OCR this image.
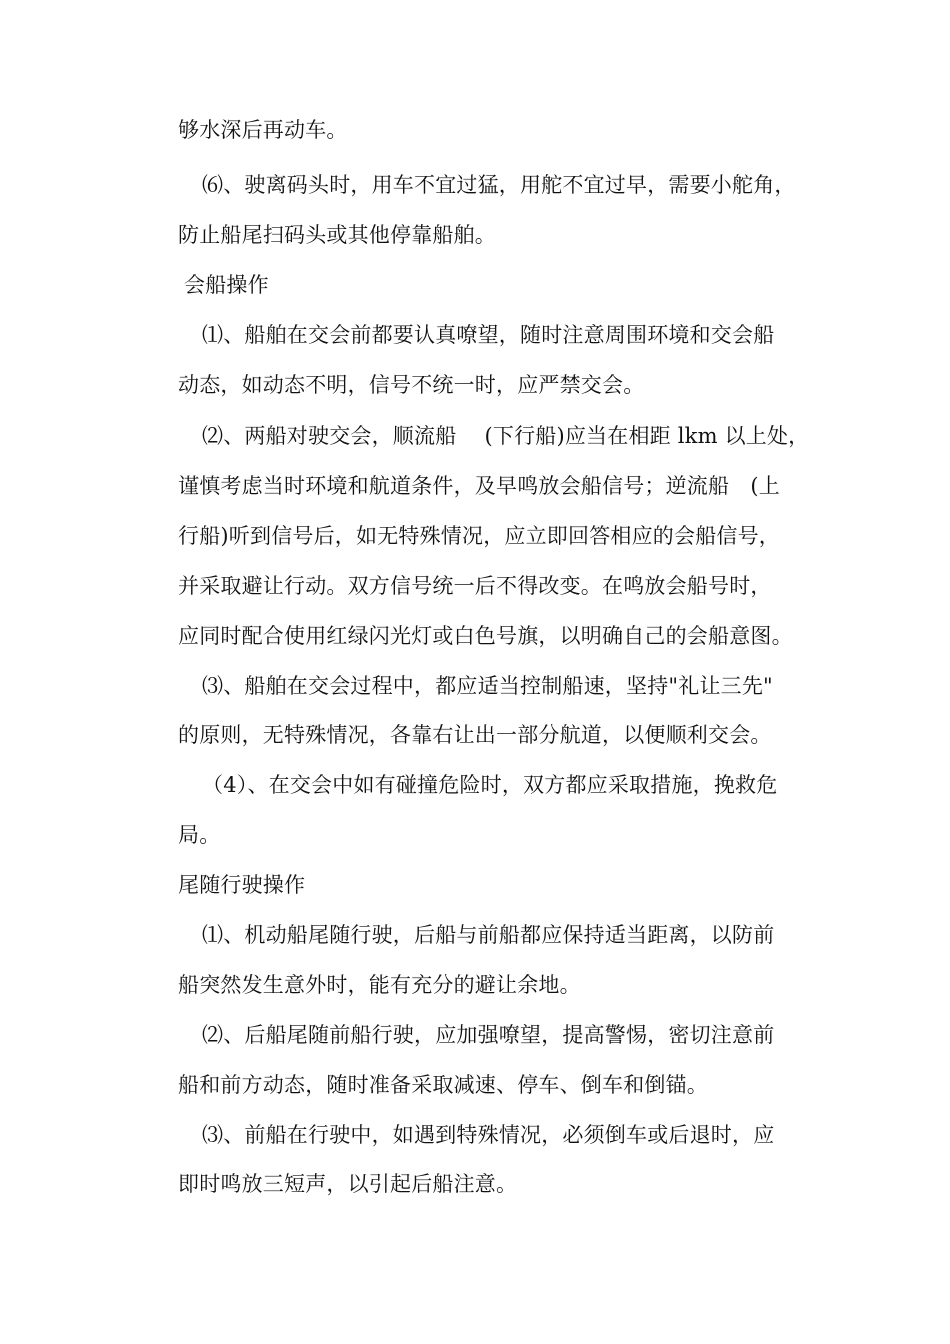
够水深后再动车。
⑹、驶离码头时，用车不宜过猛，用舵不宜过早，需要小舵角，
防止船尾扫码头或其他停靠船舶。
会船操作
⑴、船舶在交会前都要认真嘹望，随时注意周围环境和交会船
动态，如动态不明，信号不统一时，应严禁交会。
⑵、两船对驶交会，顺流船　 (下行船)应当在相距 lkm 以上处，
谨慎考虑当时环境和航道条件，及早鸣放会船信号；逆流船　(上
行船)听到信号后，如无特殊情况，应立即回答相应的会船信号，
并采取避让行动。双方信号统一后不得改变。在鸣放会船号时，
应同时配合使用红绿闪光灯或白色号旗，以明确自己的会船意图。
⑶、船舶在交会过程中，都应适当控制船速，坚持"礼让三先"
的原则，无特殊情况，各靠右让出一部分航道，以便顺利交会。
（4）、在交会中如有碰撞危险时，双方都应采取措施，挽救危
局。
尾随行驶操作
⑴、机动船尾随行驶，后船与前船都应保持适当距离，以防前
船突然发生意外时，能有充分的避让余地。
⑵、后船尾随前船行驶，应加强嘹望，提高警惕，密切注意前
船和前方动态，随时准备采取减速、停车、倒车和倒锚。
⑶、前船在行驶中，如遇到特殊情况，必须倒车或后退时，应
即时鸣放三短声，以引起后船注意。
